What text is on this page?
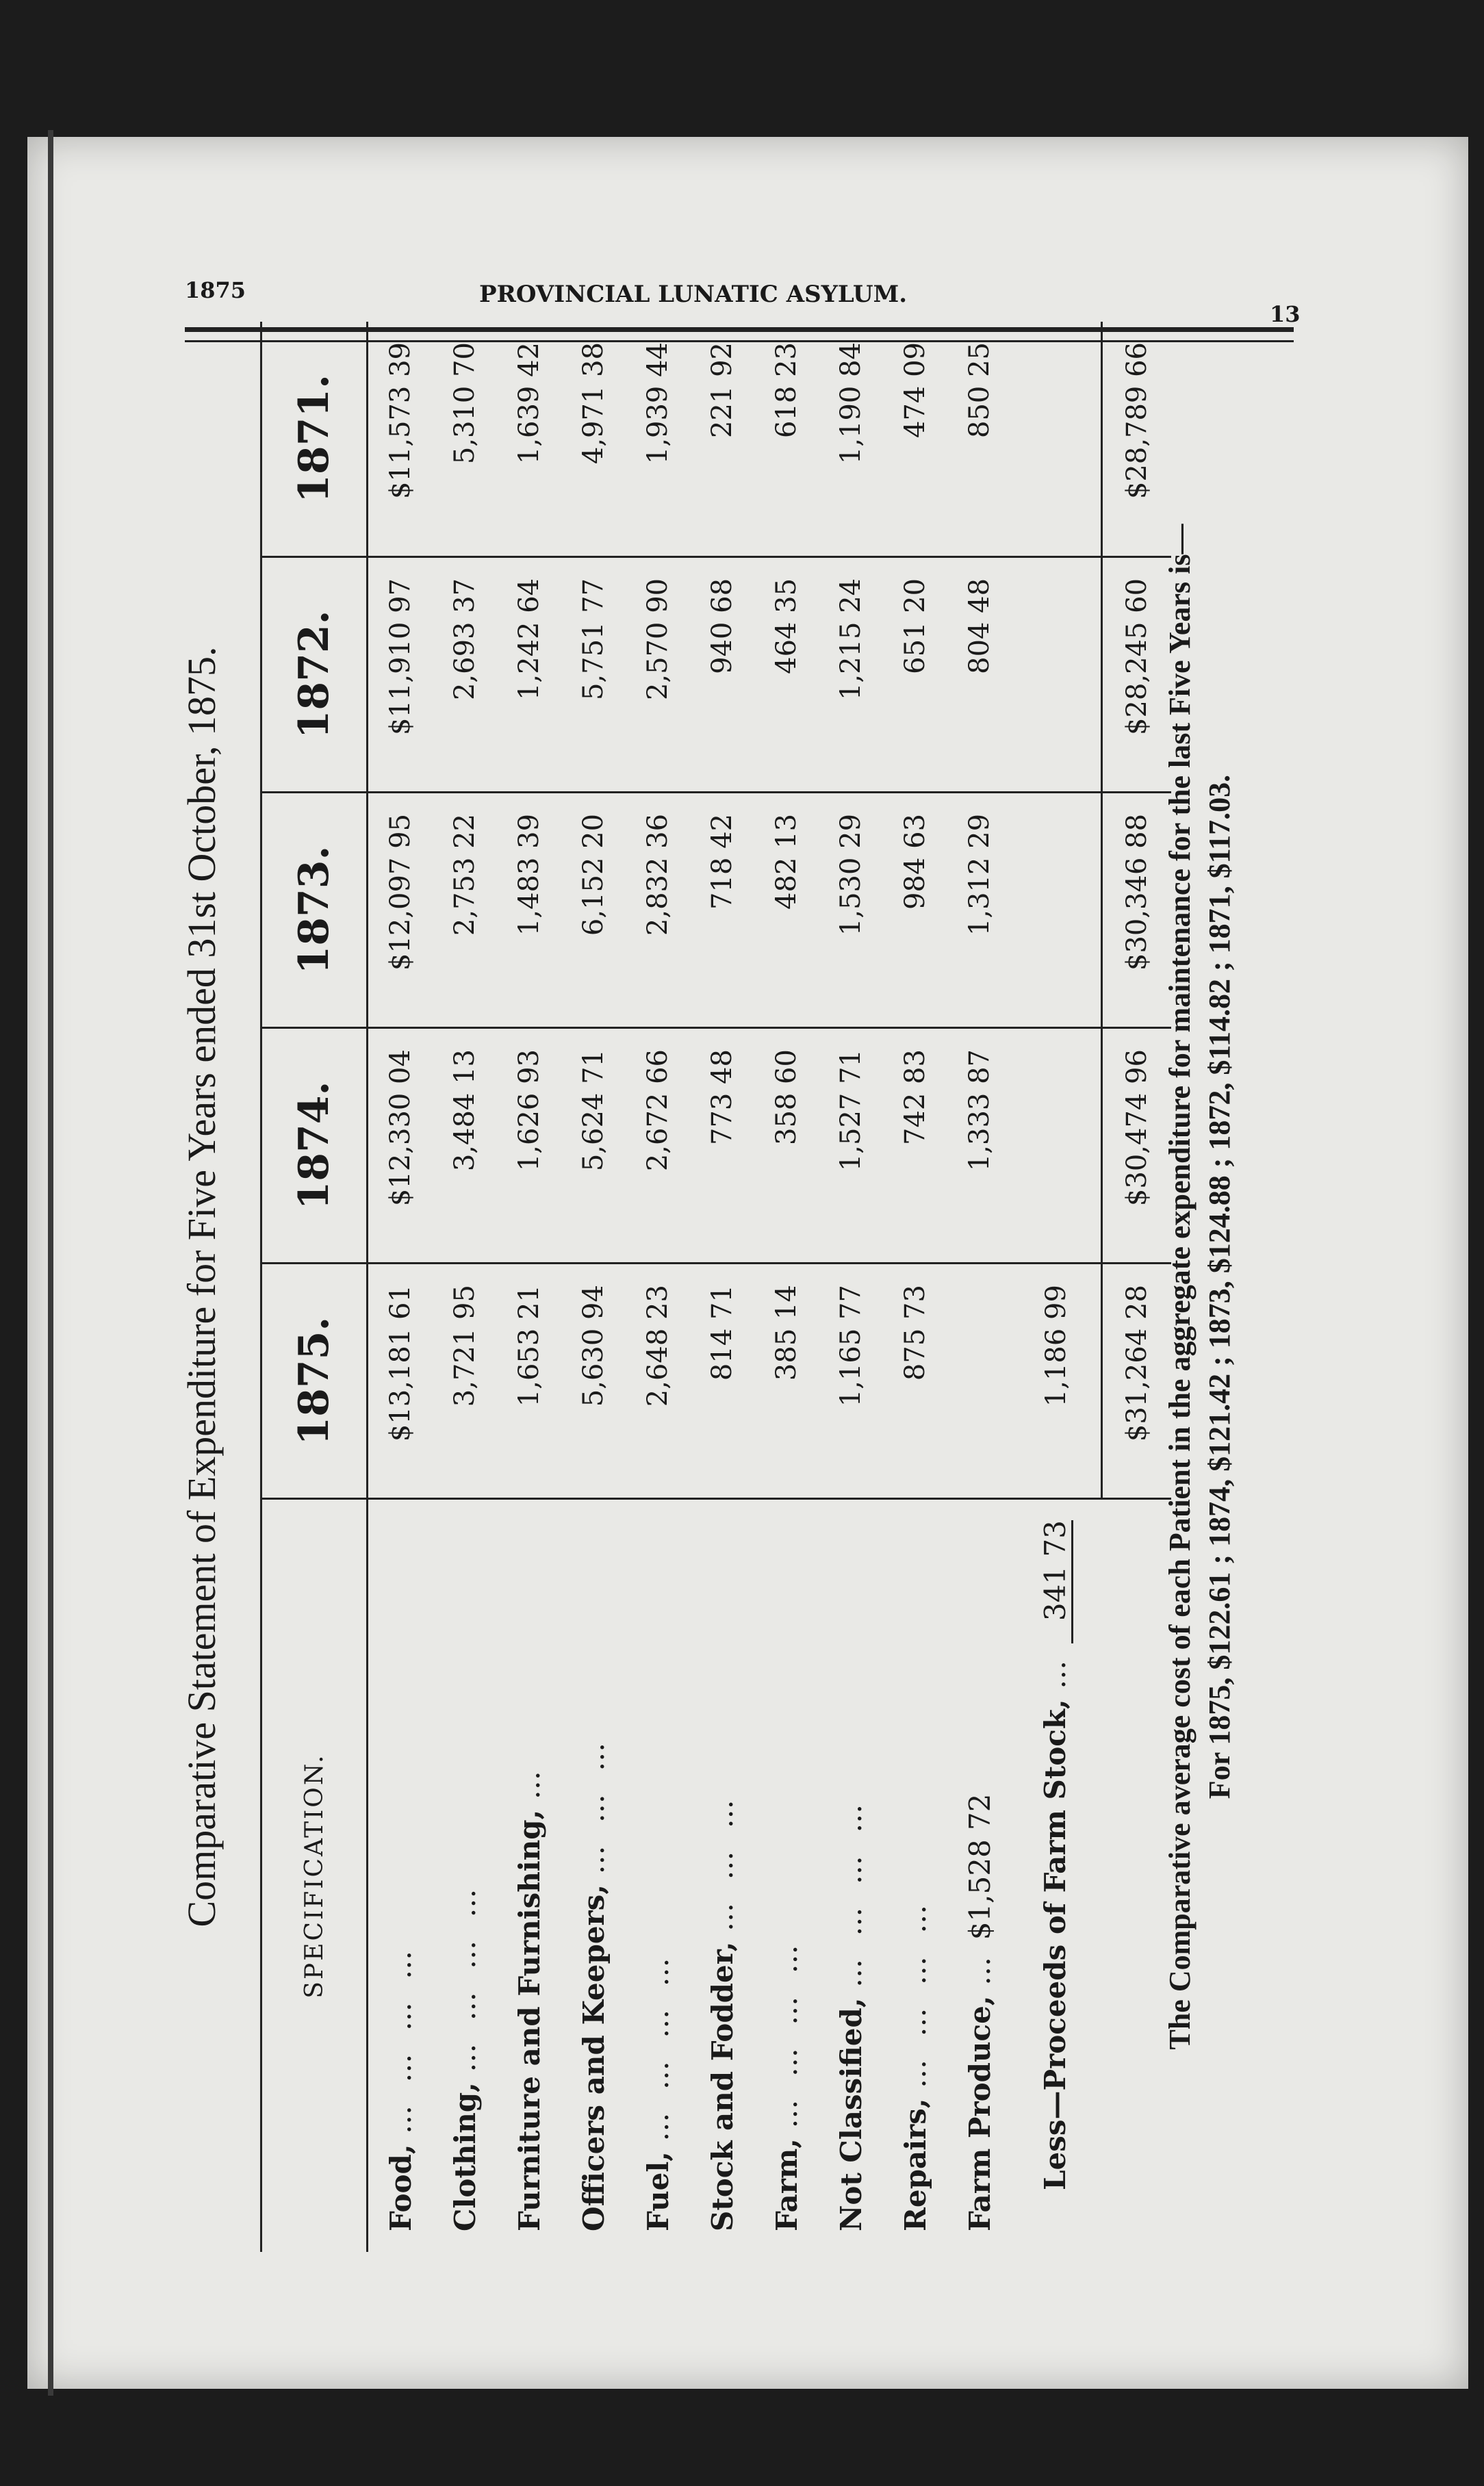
1875	PROVINCIAL LUNATIC ASYLUM.
13
Comparative Statement of Expenditure for Five Years ended 31st October, 1875.	SPECIFICATION.	1875.	1874.	1873.	1872.	1871.
Food, … … … …	$13,181 61	$12,330 04	$12,097 95	$11,910 97	$11,573 39
Clothing, … … … …	3,721 95	3,484 13	2,753 22	2,693 37	5,310 70
Furniture and Furnishing, …	1,653 21	1,626 93	1,483 39	1,242 64	1,639 42
Officers and Keepers, … … …	5,630 94	5,624 71	6,152 20	5,751 77	4,971 38
Fuel, … … … …	2,648 23	2,672 66	2,832 36	2,570 90	1,939 44
Stock and Fodder, … … …	814 71	773 48	718 42	940 68	221 92
Farm, … … … …	385 14	358 60	482 13	464 35	618 23
Not Classified, … … … …	1,165 77	1,527 71	1,530 29	1,215 24	1,190 84
Repairs, … … … …	875 73	742 83	984 63	651 20	474 09
Farm Produce, … $1,528 72		1,333 87	1,312 29	804 48	850 25
Less—Proceeds of Farm Stock, … 341 73	1,186 99				
	$31,264 28	$30,474 96	$30,346 88	$28,245 60	$28,789 66
The Comparative average cost of each Patient in the aggregate expenditure for maintenance for the last Five Years is— For 1875, $122.61 ; 1874, $121.42 ; 1873, $124.88 ; 1872, $114.82 ; 1871, $117.03.
